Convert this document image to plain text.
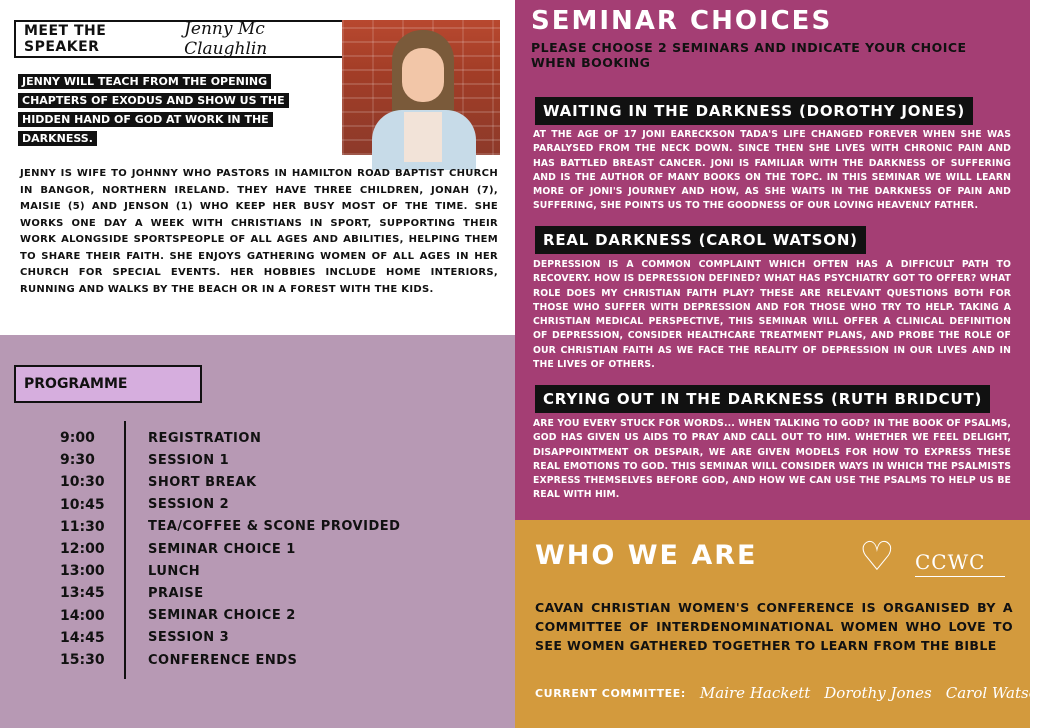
MEET THE SPEAKER
Jenny Mc Claughlin
JENNY WILL TEACH FROM THE OPENING CHAPTERS OF EXODUS AND SHOW US THE HIDDEN HAND OF GOD AT WORK IN THE DARKNESS.

JENNY IS WIFE TO JOHNNY WHO PASTORS IN HAMILTON ROAD BAPTIST CHURCH IN BANGOR, NORTHERN IRELAND. THEY HAVE THREE CHILDREN, JONAH (7), MAISIE (5) AND JENSON (1) WHO KEEP HER BUSY MOST OF THE TIME. SHE WORKS ONE DAY A WEEK WITH CHRISTIANS IN SPORT, SUPPORTING THEIR WORK ALONGSIDE SPORTSPEOPLE OF ALL AGES AND ABILITIES, HELPING THEM TO SHARE THEIR FAITH. SHE ENJOYS GATHERING WOMEN OF ALL AGES IN HER CHURCH FOR SPECIAL EVENTS. HER HOBBIES INCLUDE HOME INTERIORS, RUNNING AND WALKS BY THE BEACH OR IN A FOREST WITH THE KIDS.

PROGRAMME
9:00	REGISTRATION
9:30	SESSION 1
10:30	SHORT BREAK
10:45	SESSION 2
11:30	TEA/COFFEE & SCONE PROVIDED
12:00	SEMINAR CHOICE 1
13:00	LUNCH
13:45	PRAISE
14:00	SEMINAR CHOICE 2
14:45	SESSION 3
15:30	CONFERENCE ENDS
SEMINAR CHOICES

PLEASE CHOOSE 2 SEMINARS AND INDICATE YOUR CHOICE WHEN BOOKING

WAITING IN THE DARKNESS (DOROTHY JONES)

AT THE AGE OF 17 JONI EARECKSON TADA'S LIFE CHANGED FOREVER WHEN SHE WAS PARALYSED FROM THE NECK DOWN. SINCE THEN SHE LIVES WITH CHRONIC PAIN AND HAS BATTLED BREAST CANCER. JONI IS FAMILIAR WITH THE DARKNESS OF SUFFERING AND IS THE AUTHOR OF MANY BOOKS ON THE TOPC. IN THIS SEMINAR WE WILL LEARN MORE OF JONI'S JOURNEY AND HOW, AS SHE WAITS IN THE DARKNESS OF PAIN AND SUFFERING, SHE POINTS US TO THE GOODNESS OF OUR LOVING HEAVENLY FATHER.

REAL DARKNESS (CAROL WATSON)

DEPRESSION IS A COMMON COMPLAINT WHICH OFTEN HAS A DIFFICULT PATH TO RECOVERY. HOW IS DEPRESSION DEFINED? WHAT HAS PSYCHIATRY GOT TO OFFER? WHAT ROLE DOES MY CHRISTIAN FAITH PLAY? THESE ARE RELEVANT QUESTIONS BOTH FOR THOSE WHO SUFFER WITH DEPRESSION AND FOR THOSE WHO TRY TO HELP. TAKING A CHRISTIAN MEDICAL PERSPECTIVE, THIS SEMINAR WILL OFFER A CLINICAL DEFINITION OF DEPRESSION, CONSIDER HEALTHCARE TREATMENT PLANS, AND PROBE THE ROLE OF OUR CHRISTIAN FAITH AS WE FACE THE REALITY OF DEPRESSION IN OUR LIVES AND IN THE LIVES OF OTHERS.

CRYING OUT IN THE DARKNESS (RUTH BRIDCUT)

ARE YOU EVERY STUCK FOR WORDS... WHEN TALKING TO GOD? IN THE BOOK OF PSALMS, GOD HAS GIVEN US AIDS TO PRAY AND CALL OUT TO HIM. WHETHER WE FEEL DELIGHT, DISAPPOINTMENT OR DESPAIR, WE ARE GIVEN MODELS FOR HOW TO EXPRESS THESE REAL EMOTIONS TO GOD. THIS SEMINAR WILL CONSIDER WAYS IN WHICH THE PSALMISTS EXPRESS THEMSELVES BEFORE GOD, AND HOW WE CAN USE THE PSALMS TO HELP US BE REAL WITH HIM.

WHO WE ARE	♡ CCWC

CAVAN CHRISTIAN WOMEN'S CONFERENCE IS ORGANISED BY A COMMITTEE OF INTERDENOMINATIONAL WOMEN WHO LOVE TO SEE WOMEN GATHERED TOGETHER TO LEARN FROM THE BIBLE

CURRENT COMMITTEE: Maire Hackett Dorothy Jones Carol Watson
